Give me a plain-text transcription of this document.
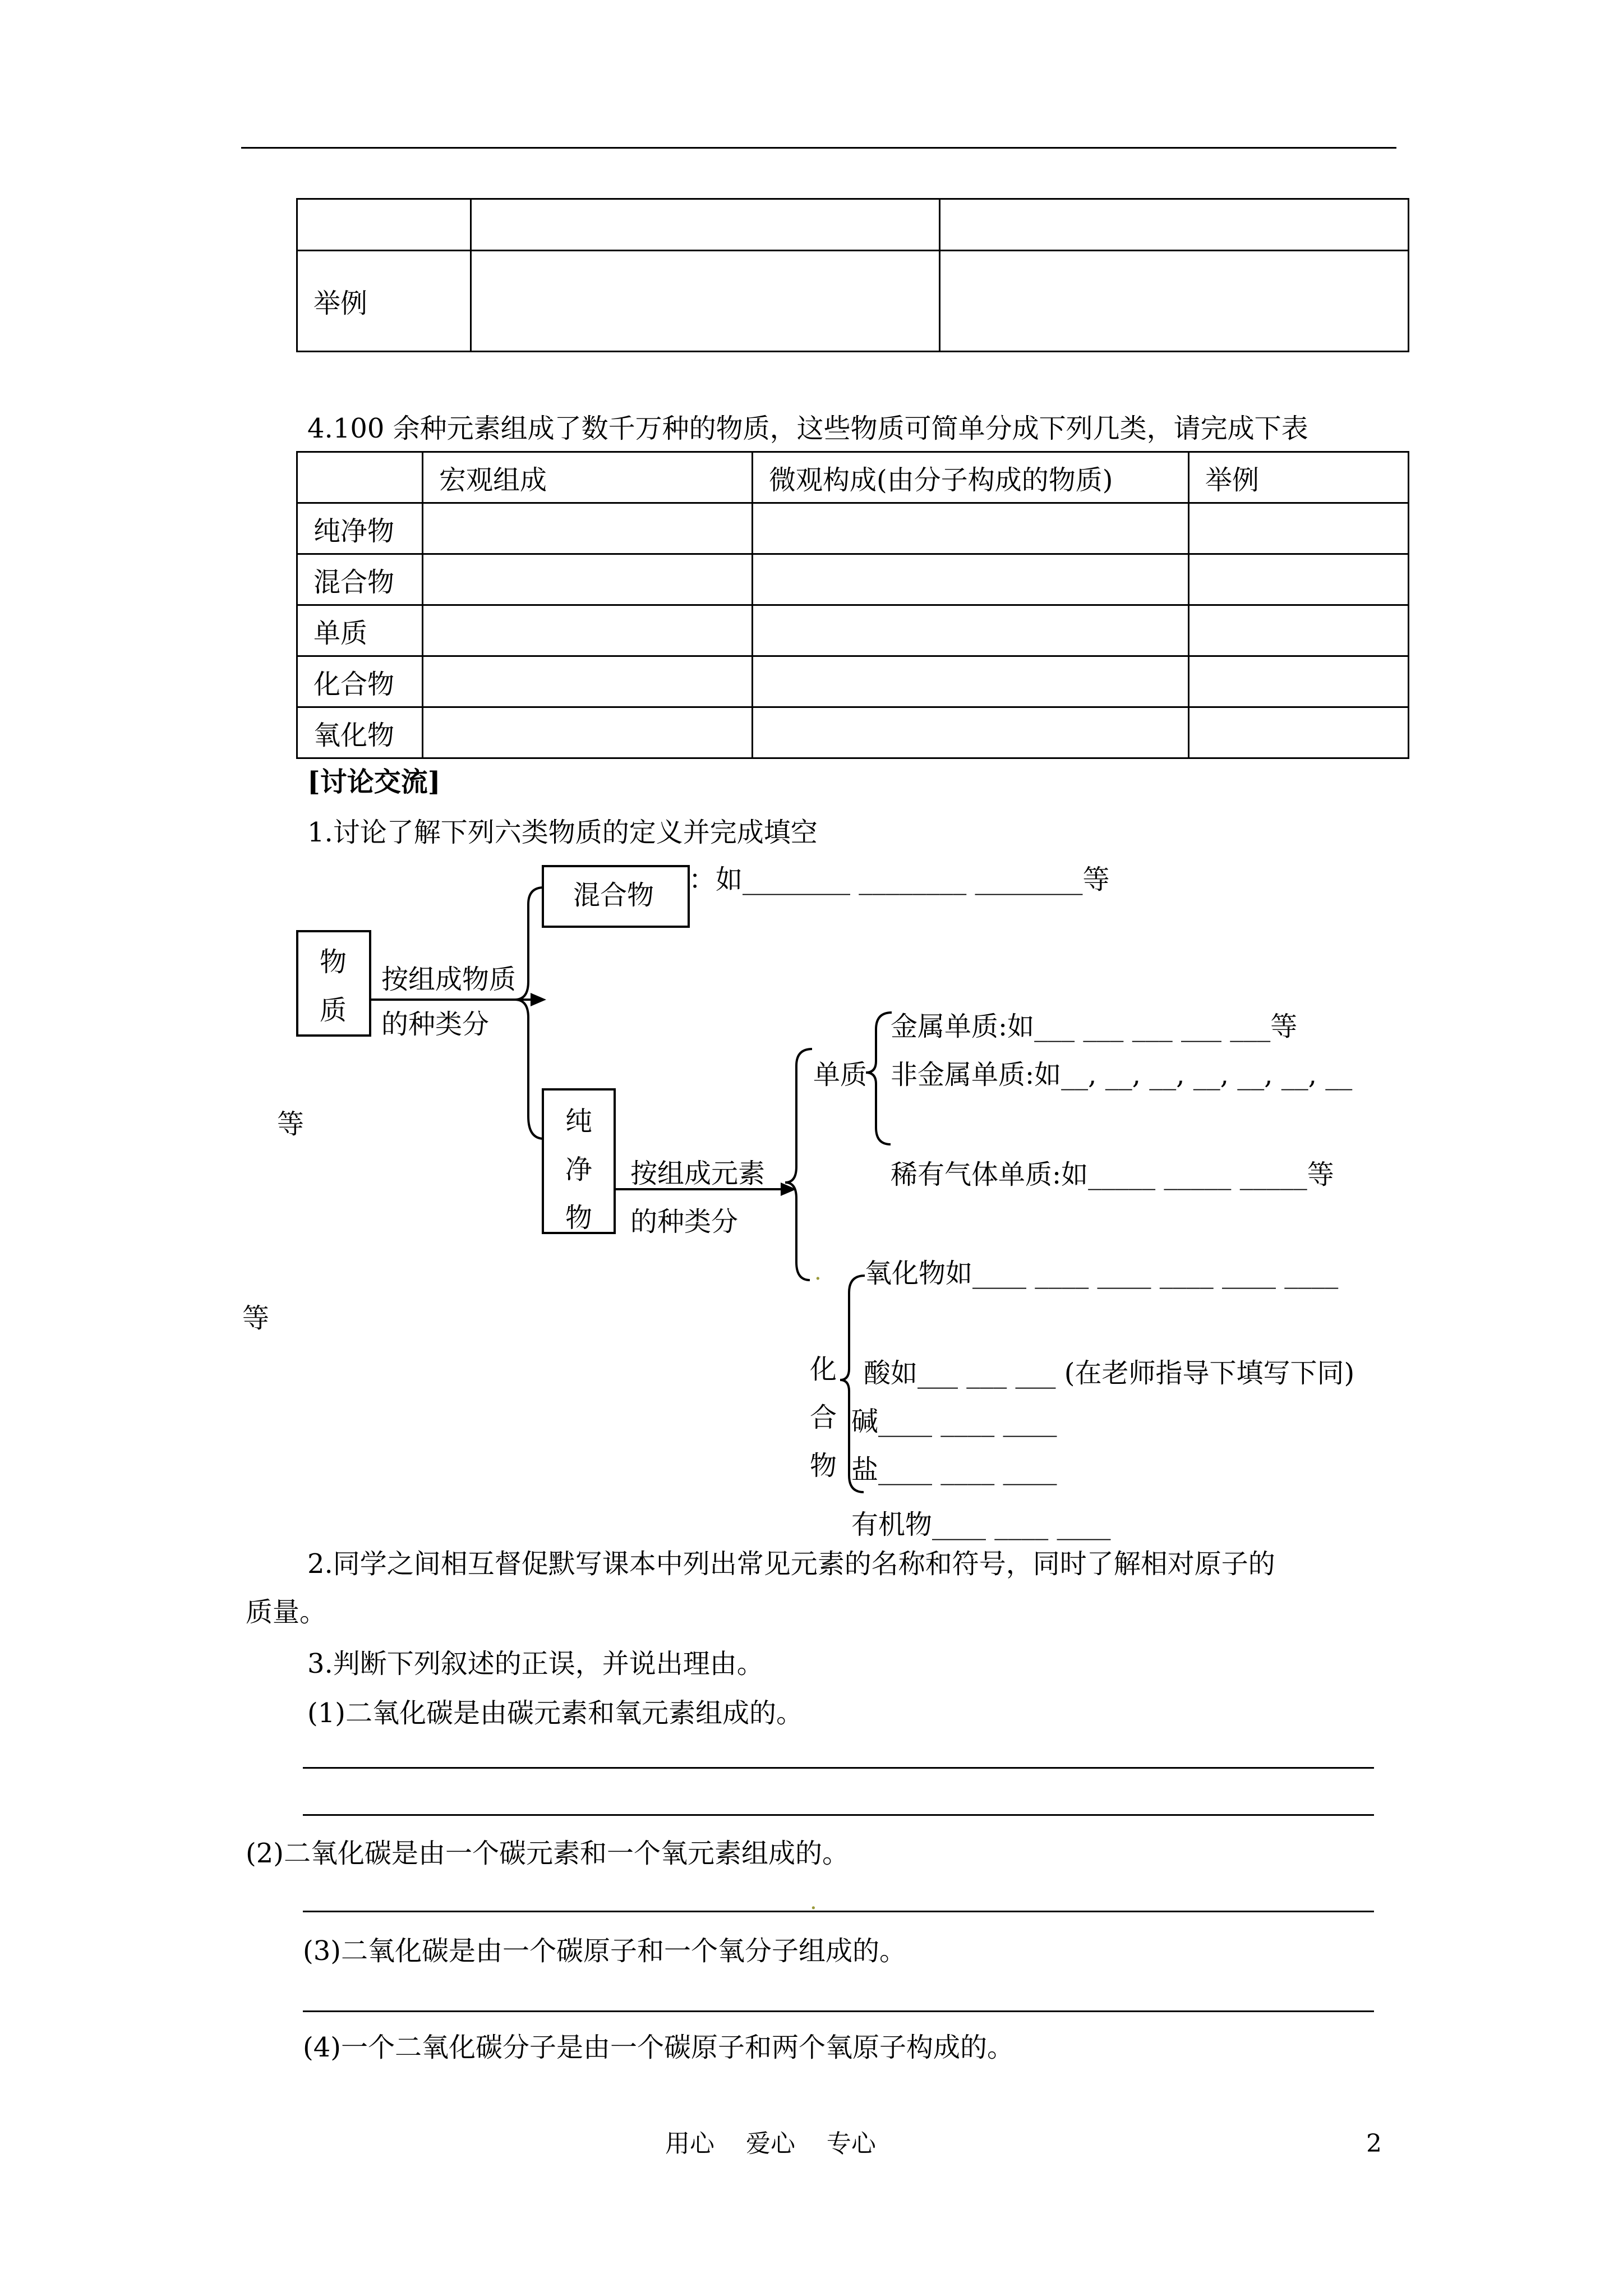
举例		
4.100 余种元素组成了数千万种的物质，这些物质可简单分成下列几类，请完成下表
	宏观组成	微观构成(由分子构成的物质)	举例
纯净物			
混合物			
单质			
化合物			
氧化物			
[讨论交流]
1.讨论了解下列六类物质的定义并完成填空
物
质
按组成物质
的种类分
混合物 ：如________ ________ ________等
纯
净
物
按组成元素
的种类分
单质
金属单质:如___ ___ ___ ___ ___等
非金属单质:如__, __, __, __, __, __, __
等
稀有气体单质:如_____ _____ _____等
. 氧化物如____ ____ ____ ____ ____ ____
等
化
合
物
酸如___ ___ ___ (在老师指导下填写下同)
碱____ ____ ____
盐____ ____ ____
有机物____ ____ ____
2.同学之间相互督促默写课本中列出常见元素的名称和符号，同时了解相对原子的
质量。
3.判断下列叙述的正误，并说出理由。
(1)二氧化碳是由碳元素和氧元素组成的。
(2)二氧化碳是由一个碳元素和一个氧元素组成的。
.
(3)二氧化碳是由一个碳原子和一个氧分子组成的。
(4)一个二氧化碳分子是由一个碳原子和两个氧原子构成的。
用心    爱心    专心	2
